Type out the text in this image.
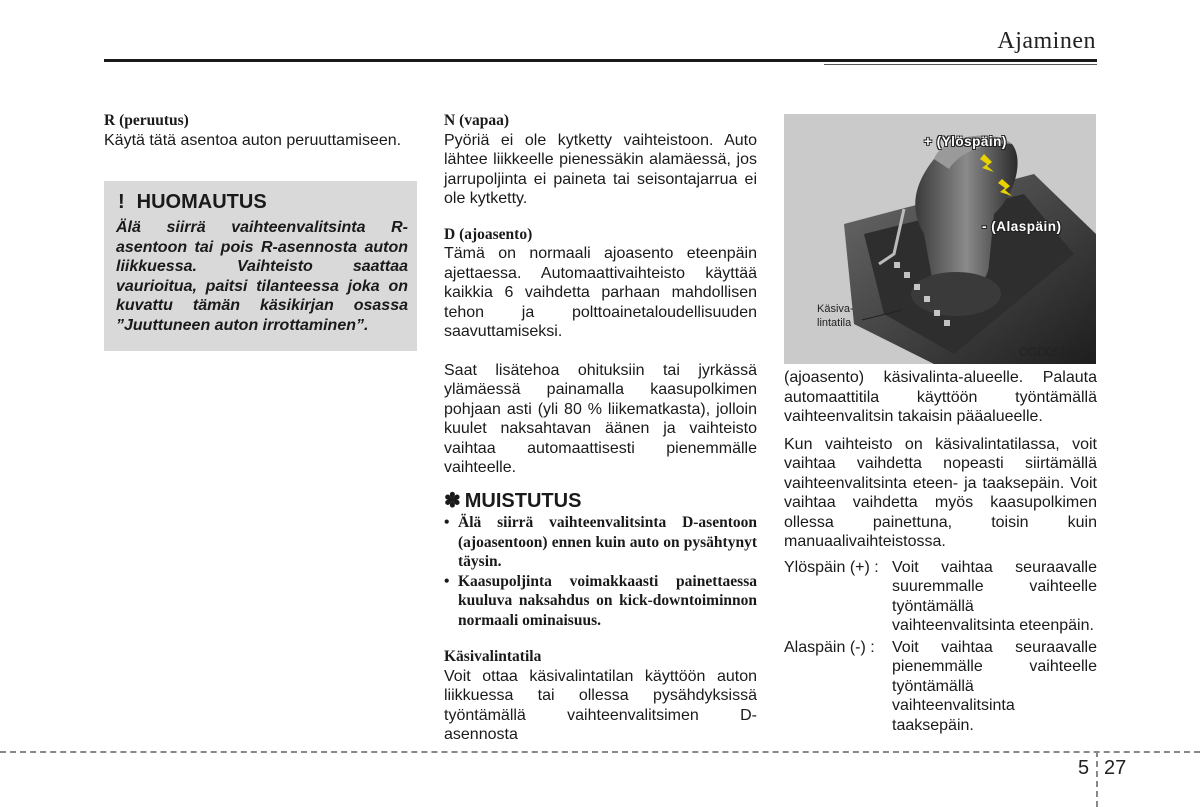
Ajaminen
R (peruutus)

Käytä tätä asentoa auton peruuttamiseen.

! HUOMAUTUS
Älä siirrä vaihteenvalitsinta R-asentoon tai pois R-asennosta auton liikkuessa. Vaihteisto saattaa vaurioitua, paitsi tilanteessa joka on kuvattu tämän käsikirjan osassa ”Juuttuneen auton irrottaminen”.
N (vapaa)

Pyöriä ei ole kytketty vaihteistoon. Auto lähtee liikkeelle pienessäkin alamäessä, jos jarrupoljinta ei paineta tai seisontajarrua ei ole kytketty.

D (ajoasento)

Tämä on normaali ajoasento eteenpäin ajettaessa. Automaattivaihteisto käyttää kaikkia 6 vaihdetta parhaan mahdollisen tehon ja polttoainetaloudellisuuden saavuttamiseksi.

Saat lisätehoa ohituksiin tai jyrkässä ylämäessä painamalla kaasupolkimen pohjaan asti (yli 80 % liikematkasta), jolloin kuulet naksahtavan äänen ja vaihteisto vaihtaa automaattisesti pienemmälle vaihteelle.

✽ MUISTUTUS
• Älä siirrä vaihteenvalitsinta D-asentoon (ajoasentoon) ennen kuin auto on pysähtynyt täysin.
• Kaasupoljinta voimakkaasti painettaessa kuuluva naksahdus on kick-downtoiminnon normaali ominaisuus.
Käsivalintatila

Voit ottaa käsivalintatilan käyttöön auton liikkuessa tai ollessa pysähdyksissä työntämällä vaihteenvalitsimen D-asennosta

+ (Ylöspäin)
- (Alaspäin)
Käsiva-
lintatila
OGD051013

(ajoasento) käsivalinta-alueelle. Palauta automaattitila käyttöön työntämällä vaihteenvalitsin takaisin pääalueelle.

Kun vaihteisto on käsivalintatilassa, voit vaihtaa vaihdetta nopeasti siirtämällä vaihteenvalitsinta eteen- ja taaksepäin. Voit vaihtaa vaihdetta myös kaasupolkimen ollessa painettuna, toisin kuin manuaalivaihteistossa.

Ylöspäin (+) : Voit vaihtaa seuraavalle suuremmalle vaihteelle työntämällä vaihteenvalitsinta eteenpäin.
Alaspäin (-) :	Voit vaihtaa seuraavalle pienemmälle vaihteelle työntämällä vaihteenvalitsinta taaksepäin.
5 27
